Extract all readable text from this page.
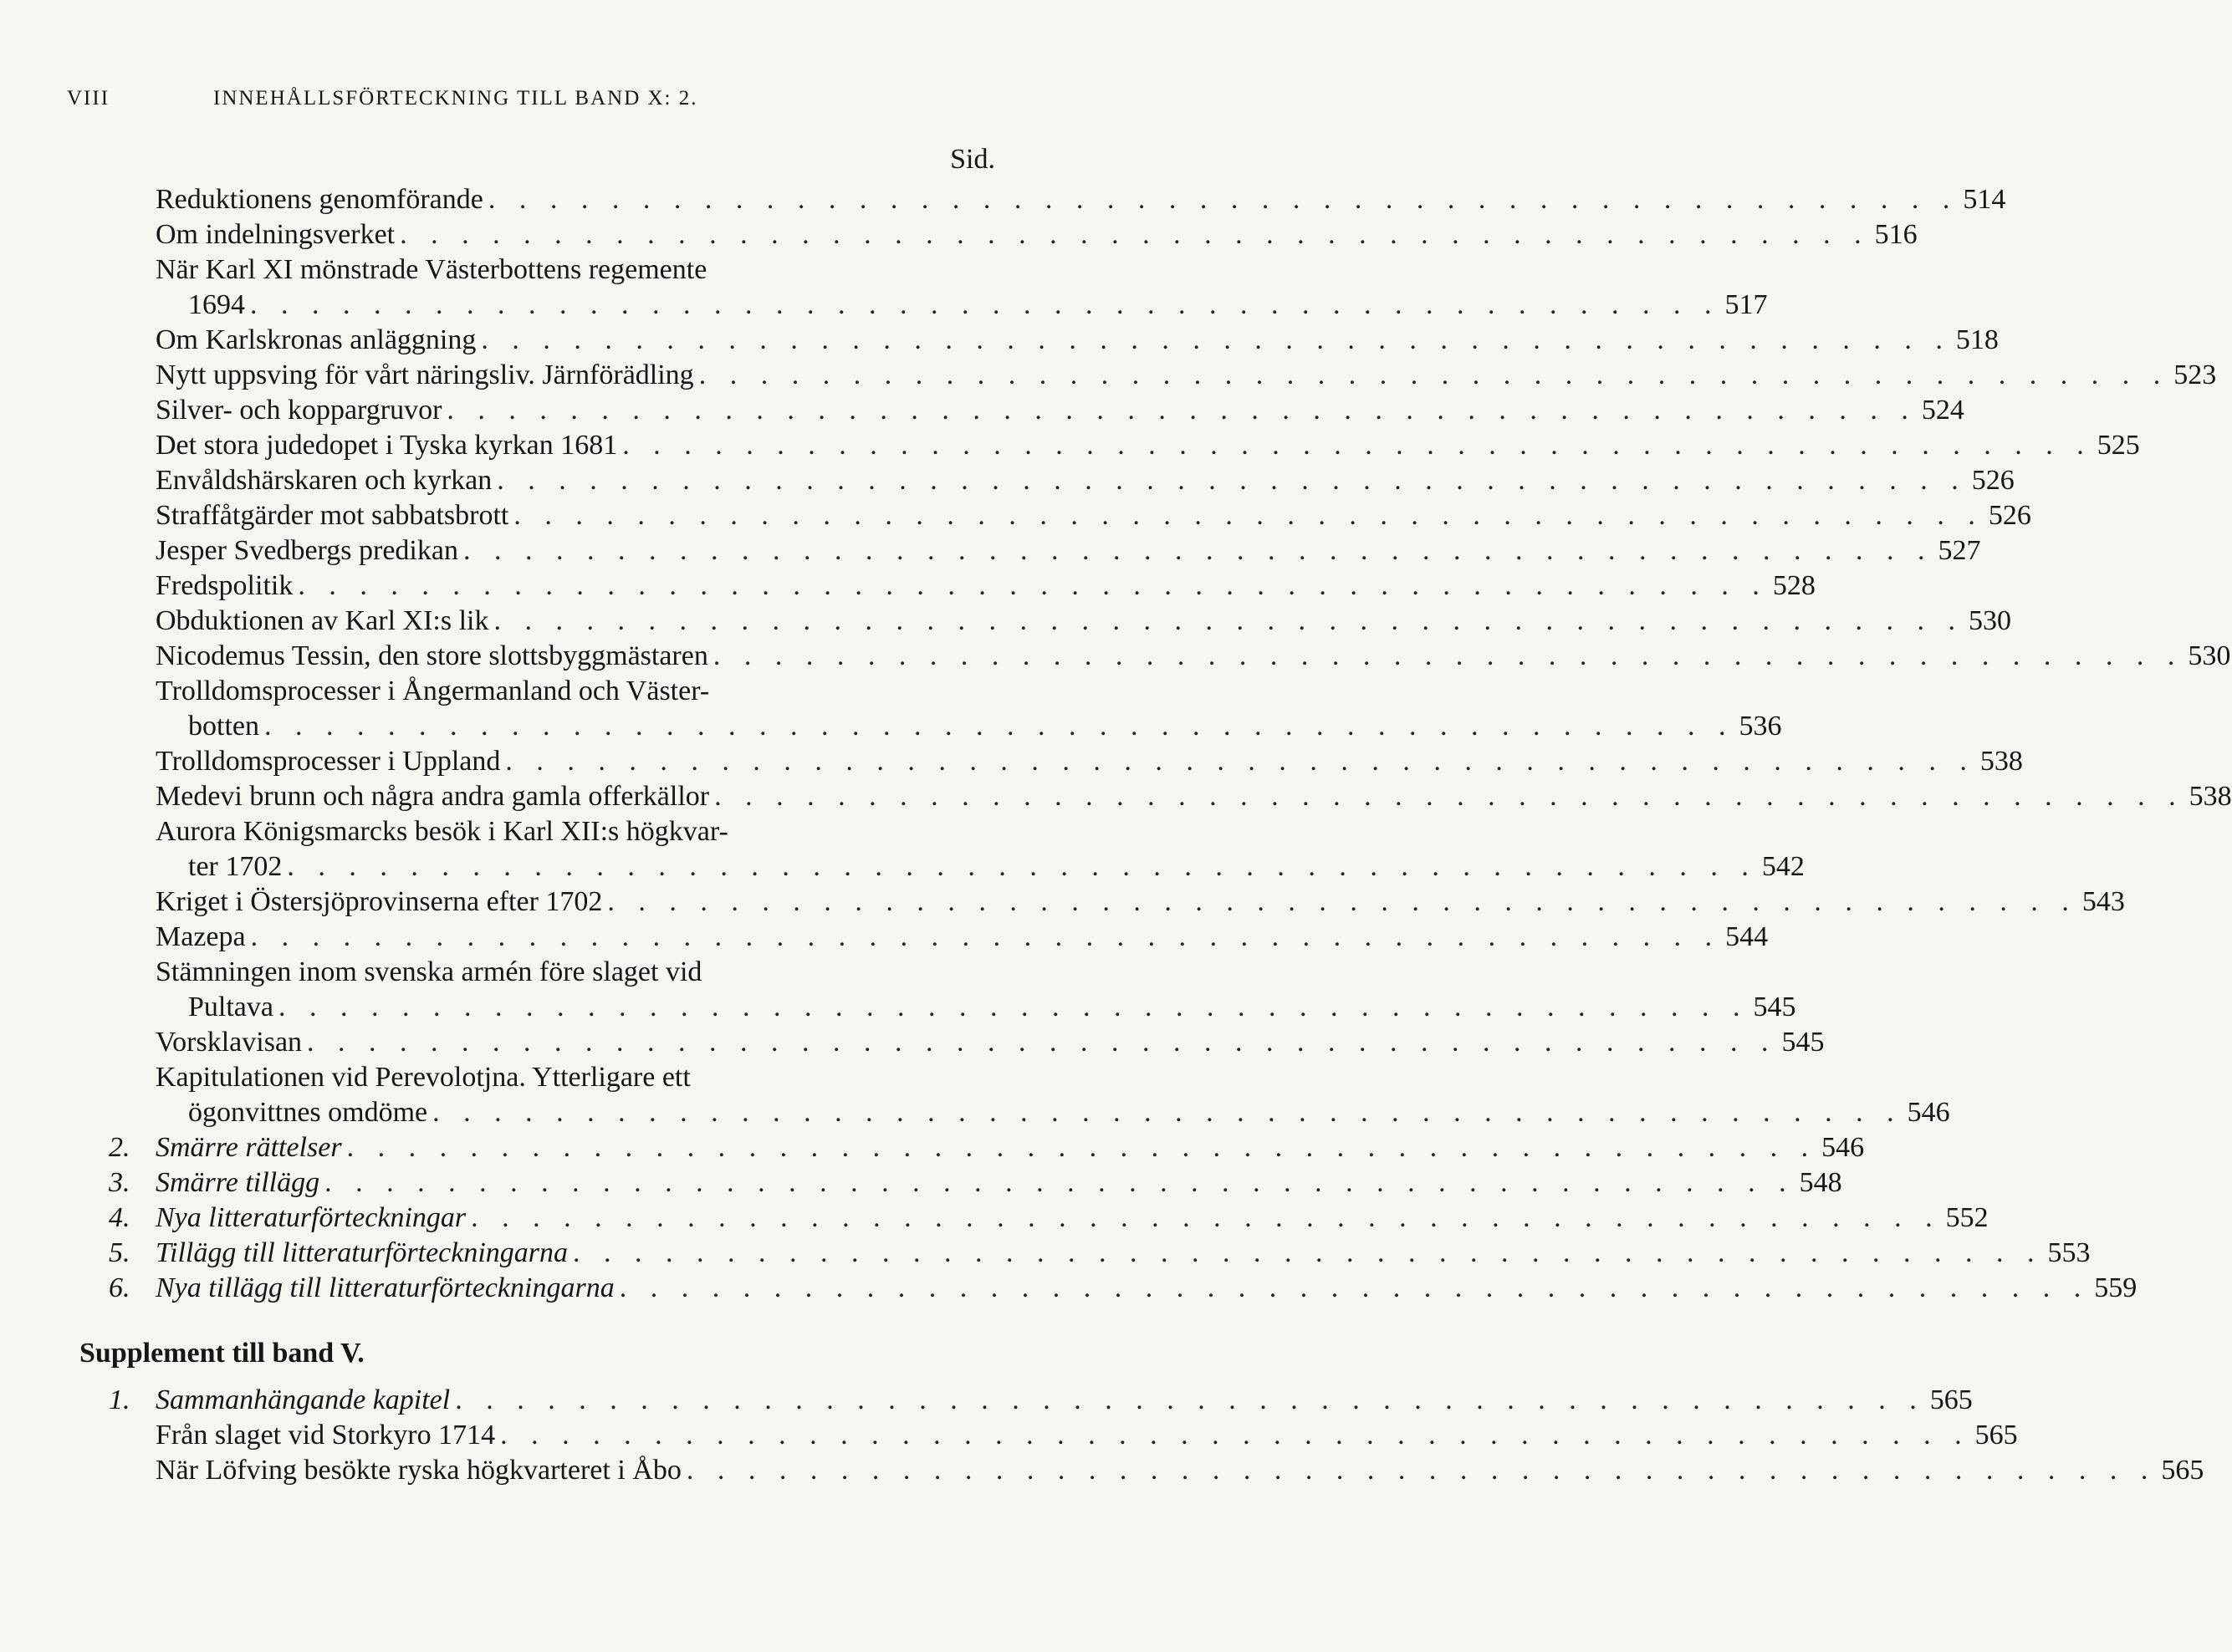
VIII	INNEHÅLLSFÖRTECKNING TILL BAND X: 2.
Sid.
Reduktionens genomförande . . . . . . . . . . . . . . . . . . . . . . . . . . . . . . . . . . . . . . . . . . . . . . . . 514
Om indelningsverket . . . . . . . . . . . . . . . . . . . . . . . . . . . . . . . . . . . . . . . . . . . . . . . . 516
När Karl XI mönstrade Västerbottens regemente
1694 . . . . . . . . . . . . . . . . . . . . . . . . . . . . . . . . . . . . . . . . . . . . . . . . 517
Om Karlskronas anläggning . . . . . . . . . . . . . . . . . . . . . . . . . . . . . . . . . . . . . . . . . . . . . . . . 518
Nytt uppsving för vårt näringsliv. Järnförädling . . . . . . . . . . . . . . . . . . . . . . . . . . . . . . . . . . . . . . . . . . . . . . . . 523
Silver- och koppargruvor . . . . . . . . . . . . . . . . . . . . . . . . . . . . . . . . . . . . . . . . . . . . . . . . 524
Det stora judedopet i Tyska kyrkan 1681 . . . . . . . . . . . . . . . . . . . . . . . . . . . . . . . . . . . . . . . . . . . . . . . . 525
Envåldshärskaren och kyrkan . . . . . . . . . . . . . . . . . . . . . . . . . . . . . . . . . . . . . . . . . . . . . . . . 526
Straffåtgärder mot sabbatsbrott . . . . . . . . . . . . . . . . . . . . . . . . . . . . . . . . . . . . . . . . . . . . . . . . 526
Jesper Svedbergs predikan . . . . . . . . . . . . . . . . . . . . . . . . . . . . . . . . . . . . . . . . . . . . . . . . 527
Fredspolitik . . . . . . . . . . . . . . . . . . . . . . . . . . . . . . . . . . . . . . . . . . . . . . . . 528
Obduktionen av Karl XI:s lik . . . . . . . . . . . . . . . . . . . . . . . . . . . . . . . . . . . . . . . . . . . . . . . . 530
Nicodemus Tessin, den store slottsbyggmästaren . . . . . . . . . . . . . . . . . . . . . . . . . . . . . . . . . . . . . . . . . . . . . . . . 530
Trolldomsprocesser i Ångermanland och Väster-
botten . . . . . . . . . . . . . . . . . . . . . . . . . . . . . . . . . . . . . . . . . . . . . . . . 536
Trolldomsprocesser i Uppland . . . . . . . . . . . . . . . . . . . . . . . . . . . . . . . . . . . . . . . . . . . . . . . . 538
Medevi brunn och några andra gamla offerkällor . . . . . . . . . . . . . . . . . . . . . . . . . . . . . . . . . . . . . . . . . . . . . . . . 538
Aurora Königsmarcks besök i Karl XII:s högkvar-
ter 1702 . . . . . . . . . . . . . . . . . . . . . . . . . . . . . . . . . . . . . . . . . . . . . . . . 542
Kriget i Östersjöprovinserna efter 1702 . . . . . . . . . . . . . . . . . . . . . . . . . . . . . . . . . . . . . . . . . . . . . . . . 543
Mazepa . . . . . . . . . . . . . . . . . . . . . . . . . . . . . . . . . . . . . . . . . . . . . . . . 544
Stämningen inom svenska armén före slaget vid
Pultava . . . . . . . . . . . . . . . . . . . . . . . . . . . . . . . . . . . . . . . . . . . . . . . . 545
Vorsklavisan . . . . . . . . . . . . . . . . . . . . . . . . . . . . . . . . . . . . . . . . . . . . . . . . 545
Kapitulationen vid Perevolotjna. Ytterligare ett
ögonvittnes omdöme . . . . . . . . . . . . . . . . . . . . . . . . . . . . . . . . . . . . . . . . . . . . . . . . 546
2. Smärre rättelser . . . . . . . . . . . . . . . . . . . . . . . . . . . . . . . . . . . . . . . . . . . . . . . . 546
3. Smärre tillägg . . . . . . . . . . . . . . . . . . . . . . . . . . . . . . . . . . . . . . . . . . . . . . . . 548
4. Nya litteraturförteckningar . . . . . . . . . . . . . . . . . . . . . . . . . . . . . . . . . . . . . . . . . . . . . . . . 552
5. Tillägg till litteraturförteckningarna . . . . . . . . . . . . . . . . . . . . . . . . . . . . . . . . . . . . . . . . . . . . . . . . 553
6. Nya tillägg till litteraturförteckningarna . . . . . . . . . . . . . . . . . . . . . . . . . . . . . . . . . . . . . . . . . . . . . . . . 559
Supplement till band V.
1. Sammanhängande kapitel . . . . . . . . . . . . . . . . . . . . . . . . . . . . . . . . . . . . . . . . . . . . . . . . 565
Från slaget vid Storkyro 1714 . . . . . . . . . . . . . . . . . . . . . . . . . . . . . . . . . . . . . . . . . . . . . . . . 565
När Löfving besökte ryska högkvarteret i Åbo . . . . . . . . . . . . . . . . . . . . . . . . . . . . . . . . . . . . . . . . . . . . . . . . 565
